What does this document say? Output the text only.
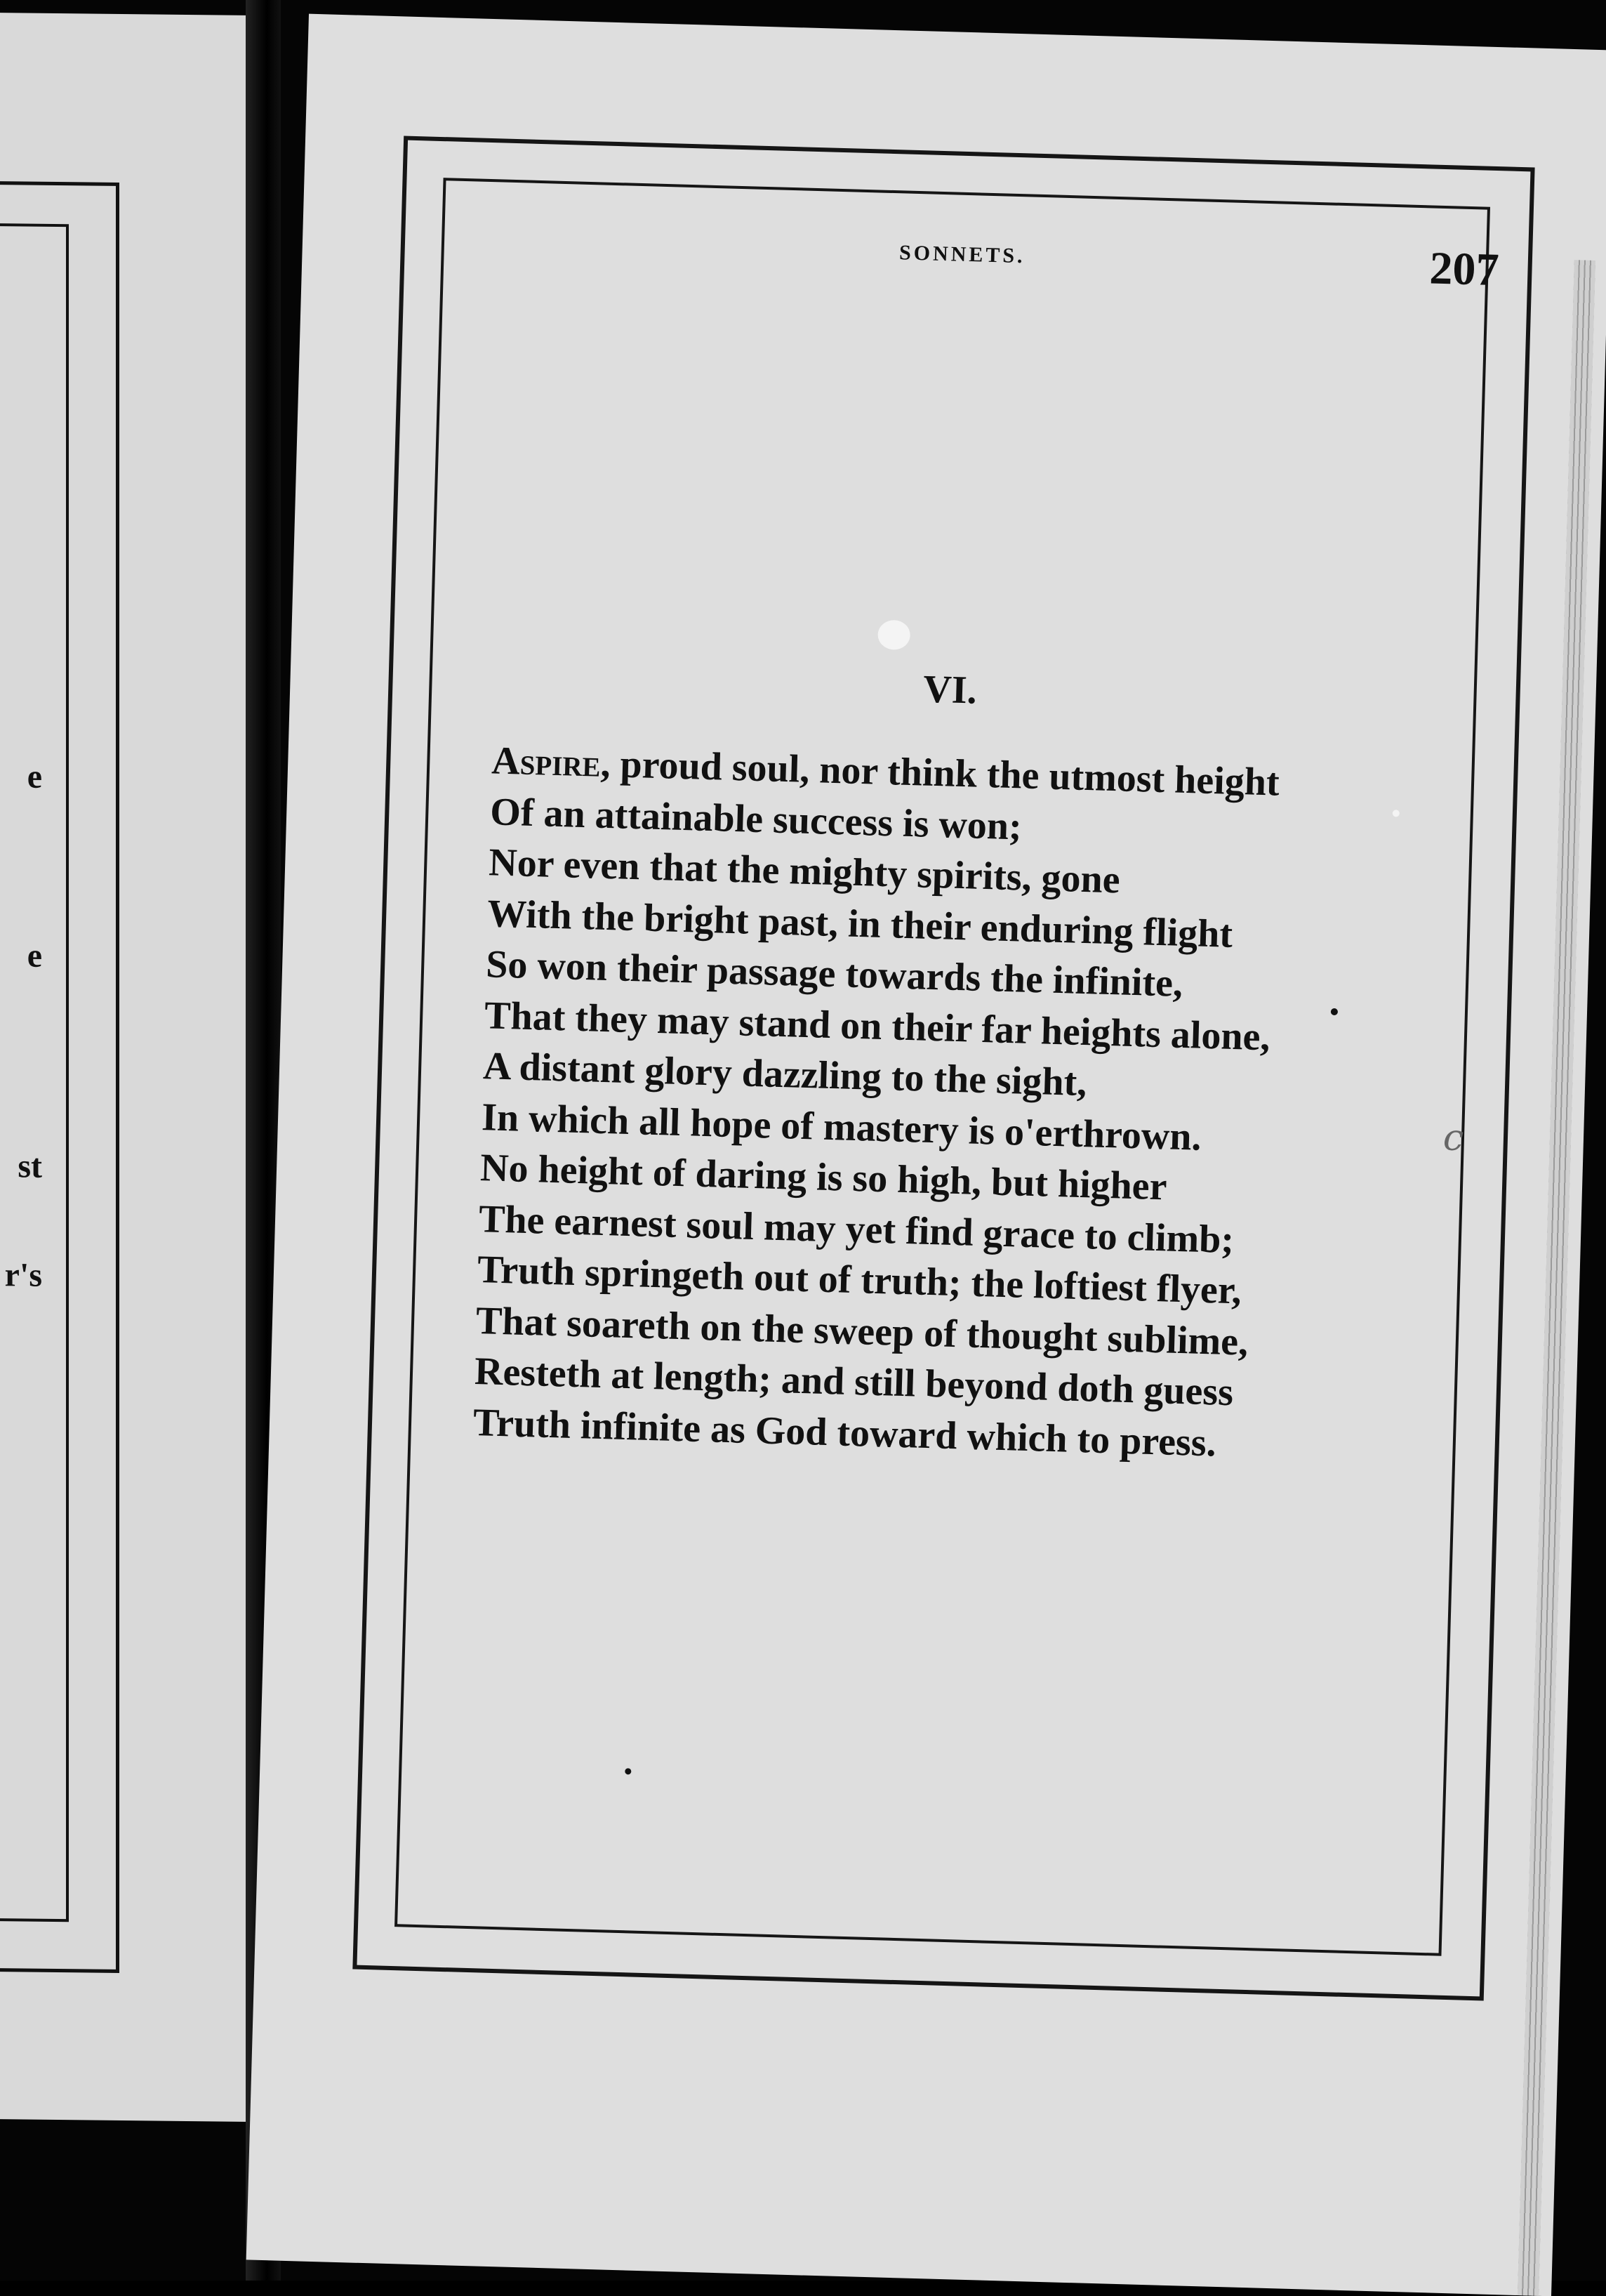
e
e
st
r's
SONNETS.	207
VI.
Aspire, proud soul, nor think the utmost height
Of an attainable success is won;
Nor even that the mighty spirits, gone
With the bright past, in their enduring flight
So won their passage towards the infinite,
That they may stand on their far heights alone,
A distant glory dazzling to the sight,
In which all hope of mastery is o'erthrown.
No height of daring is so high, but higher
The earnest soul may yet find grace to climb;
Truth springeth out of truth; the loftiest flyer,
That soareth on the sweep of thought sublime,
Resteth at length; and still beyond doth guess
Truth infinite as God toward which to press.
c
